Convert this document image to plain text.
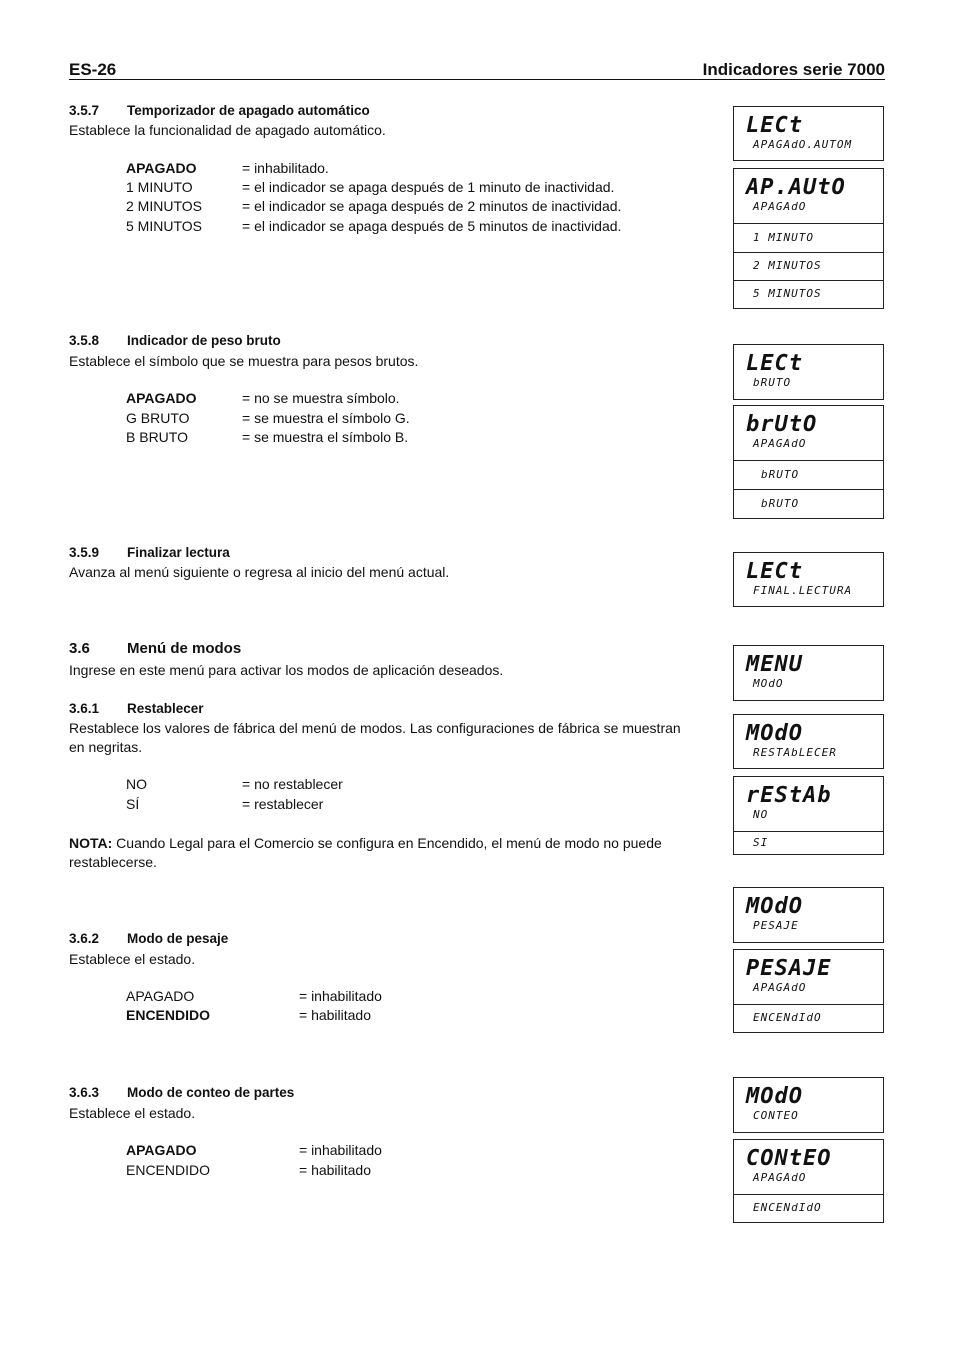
ES-26	Indicadores serie 7000
3.5.7 Temporizador de apagado automático
Establece la funcionalidad de apagado automático.
APAGADO	= inhabilitado.
1 MINUTO	= el indicador se apaga después de 1 minuto de inactividad.
2 MINUTOS	= el indicador se apaga después de 2 minutos de inactividad.
5 MINUTOS	= el indicador se apaga después de 5 minutos de inactividad.
3.5.8 Indicador de peso bruto
Establece el símbolo que se muestra para pesos brutos.
APAGADO	= no se muestra símbolo.
G BRUTO	= se muestra el símbolo G.
B BRUTO	= se muestra el símbolo B.
3.5.9 Finalizar lectura
Avanza al menú siguiente o regresa al inicio del menú actual.
3.6 Menú de modos
Ingrese en este menú para activar los modos de aplicación deseados.
3.6.1 Restablecer
Restablece los valores de fábrica del menú de modos. Las configuraciones de fábrica se muestran
en negritas.
NO	= no restablecer
SÍ	= restablecer
NOTA: Cuando Legal para el Comercio se configura en Encendido, el menú de modo no puede
restablecerse.
3.6.2 Modo de pesaje
Establece el estado.
APAGADO	= inhabilitado
ENCENDIDO	= habilitado
3.6.3 Modo de conteo de partes
Establece el estado.
APAGADO	= inhabilitado
ENCENDIDO	= habilitado
LECt
APAGAdO.AUTOM
AP.AUtO
APAGAdO
1 MINUTO
2 MINUTOS
5 MINUTOS
LECt
bRUTO
brUtO
APAGAdO
bRUTO
bRUTO
LECt
FINAL.LECTURA
MENU
MOdO
MOdO
RESTAbLECER
rEStAb
NO
SI
MOdO
PESAJE
PESAJE
APAGAdO
ENCENdIdO
MOdO
CONTEO
CONtEO
APAGAdO
ENCENdIdO
